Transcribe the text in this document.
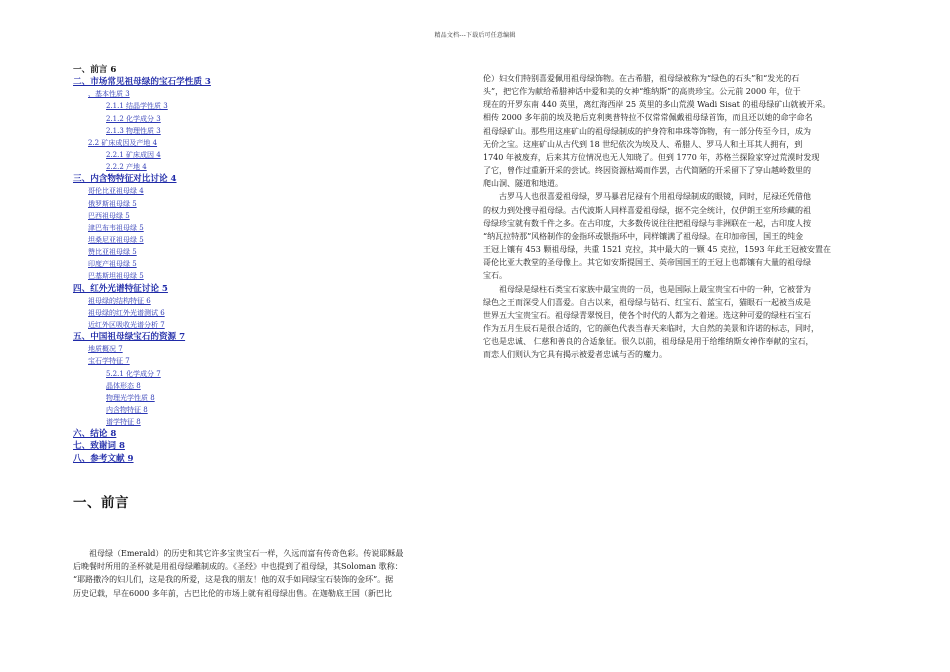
精品文档---下载后可任意编辑
一、前言 6
二、市场常见祖母绿的宝石学性质 3
、基本性质 3
2.1.1 结晶学性质 3
2.1.2 化学成分 3
2.1.3 物理性质 3
2.2 矿床成因及产地 4
2.2.1 矿床成因 4
2.2.2 产地 4
三、内含物特征对比讨论 4
哥伦比亚祖母绿 4
俄罗斯祖母绿 5
巴西祖母绿 5
津巴布韦祖母绿 5
坦桑尼亚祖母绿 5
赞比亚祖母绿 5
印度产祖母绿 5
巴基斯坦祖母绿 5
四、红外光谱特征讨论 5
祖母绿的结构特征 6
祖母绿的红外光谱测试 6
近红外区吸收光谱分析 7
五、中国祖母绿宝石的资源 7
地质概况 7
宝石学特征 7
5.2.1 化学成分 7
晶体形态 8
物理光学性质 8
内含物特征 8
谱学特征 8
六、结论 8
七、致谢词 8
八、参考文献 9
一、前言
　　祖母绿（Emerald）的历史和其它许多宝贵宝石一样，久远而富有传奇色彩。传说耶稣最
后晚餐时所用的圣杯就是用祖母绿雕制成的。《圣经》中也提到了祖母绿，其Soloman 歌称：
“耶路撒冷的妇儿们，这是我的所爱，这是我的朋友！他的双手如同绿宝石装饰的金环”。据
历史记载，早在6000 多年前，古巴比伦的市场上就有祖母绿出售。在迦勒底王国（新巴比
伦）妇女们特别喜爱佩用祖母绿饰物。在古希腊，祖母绿被称为“绿色的石头”和“发光的石
头”，把它作为献给希腊神话中爱和美的女神“维纳斯”的高贵珍宝。公元前 2000 年，位于
现在的开罗东南 440 英里，离红海西岸 25 英里的多山荒漠 Wadi Sisat 的祖母绿矿山就被开采。
相传 2000 多年前的埃及艳后克利奥普特拉不仅常常佩戴祖母绿首饰，而且还以她的命字命名
祖母绿矿山。那些用这座矿山的祖母绿制成的护身符和串珠等饰物，有一部分传至今日，成为
无价之宝。这座矿山从古代到 18 世纪依次为埃及人、希腊人、罗马人和土耳其人拥有，到
1740 年被废弃，后来其方位情况也无人知晓了。但到 1770 年，苏格兰探险家穿过荒漠时发现
了它，曾作过重新开采的尝试。终因资源枯竭而作罢，古代简陋的开采留下了穿山越岭数里的
爬山洞、隧道和地道。
　　古罗马人也很喜爱祖母绿，罗马暴君尼禄有个用祖母绿制成的眼镜，同时，尼禄还凭借他
的权力到处搜寻祖母绿。古代波斯人同样喜爱祖母绿，据不完全统计，仅伊朗王室所珍藏的祖
母绿珍宝就有数千件之多。在古印度，大多数传说往往把祖母绿与非洲联在一起，古印度人按
“纳瓦拉特那”风格制作的金指环或银指环中，同样镶满了祖母绿。在印加帝国，国王的纯金
王冠上镶有 453 颗祖母绿，共重 1521 克拉，其中最大的一颗 45 克拉，1593 年此王冠被安置在
哥伦比亚大教堂的圣母像上。其它如安斯提国王、英帝国国王的王冠上也都镶有大量的祖母绿
宝石。
　　祖母绿是绿柱石类宝石家族中最宝贵的一员，也是国际上最宝贵宝石中的一种，它被誉为
绿色之王而深受人们喜爱。自古以来，祖母绿与钻石、红宝石、蓝宝石，猫眼石一起被当成是
世界五大宝贵宝石。祖母绿青翠悦目，使各个时代的人都为之着迷。选这种可爱的绿柱石宝石
作为五月生辰石是很合适的，它的颜色代表当春天来临时，大自然的美景和许诺的标志，同时，
它也是忠诚、 仁慈和善良的合适象征。很久以前，祖母绿是用于给维纳斯女神作奉献的宝石，
而恋人们则认为它具有揭示被爱者忠诚与否的魔力。
